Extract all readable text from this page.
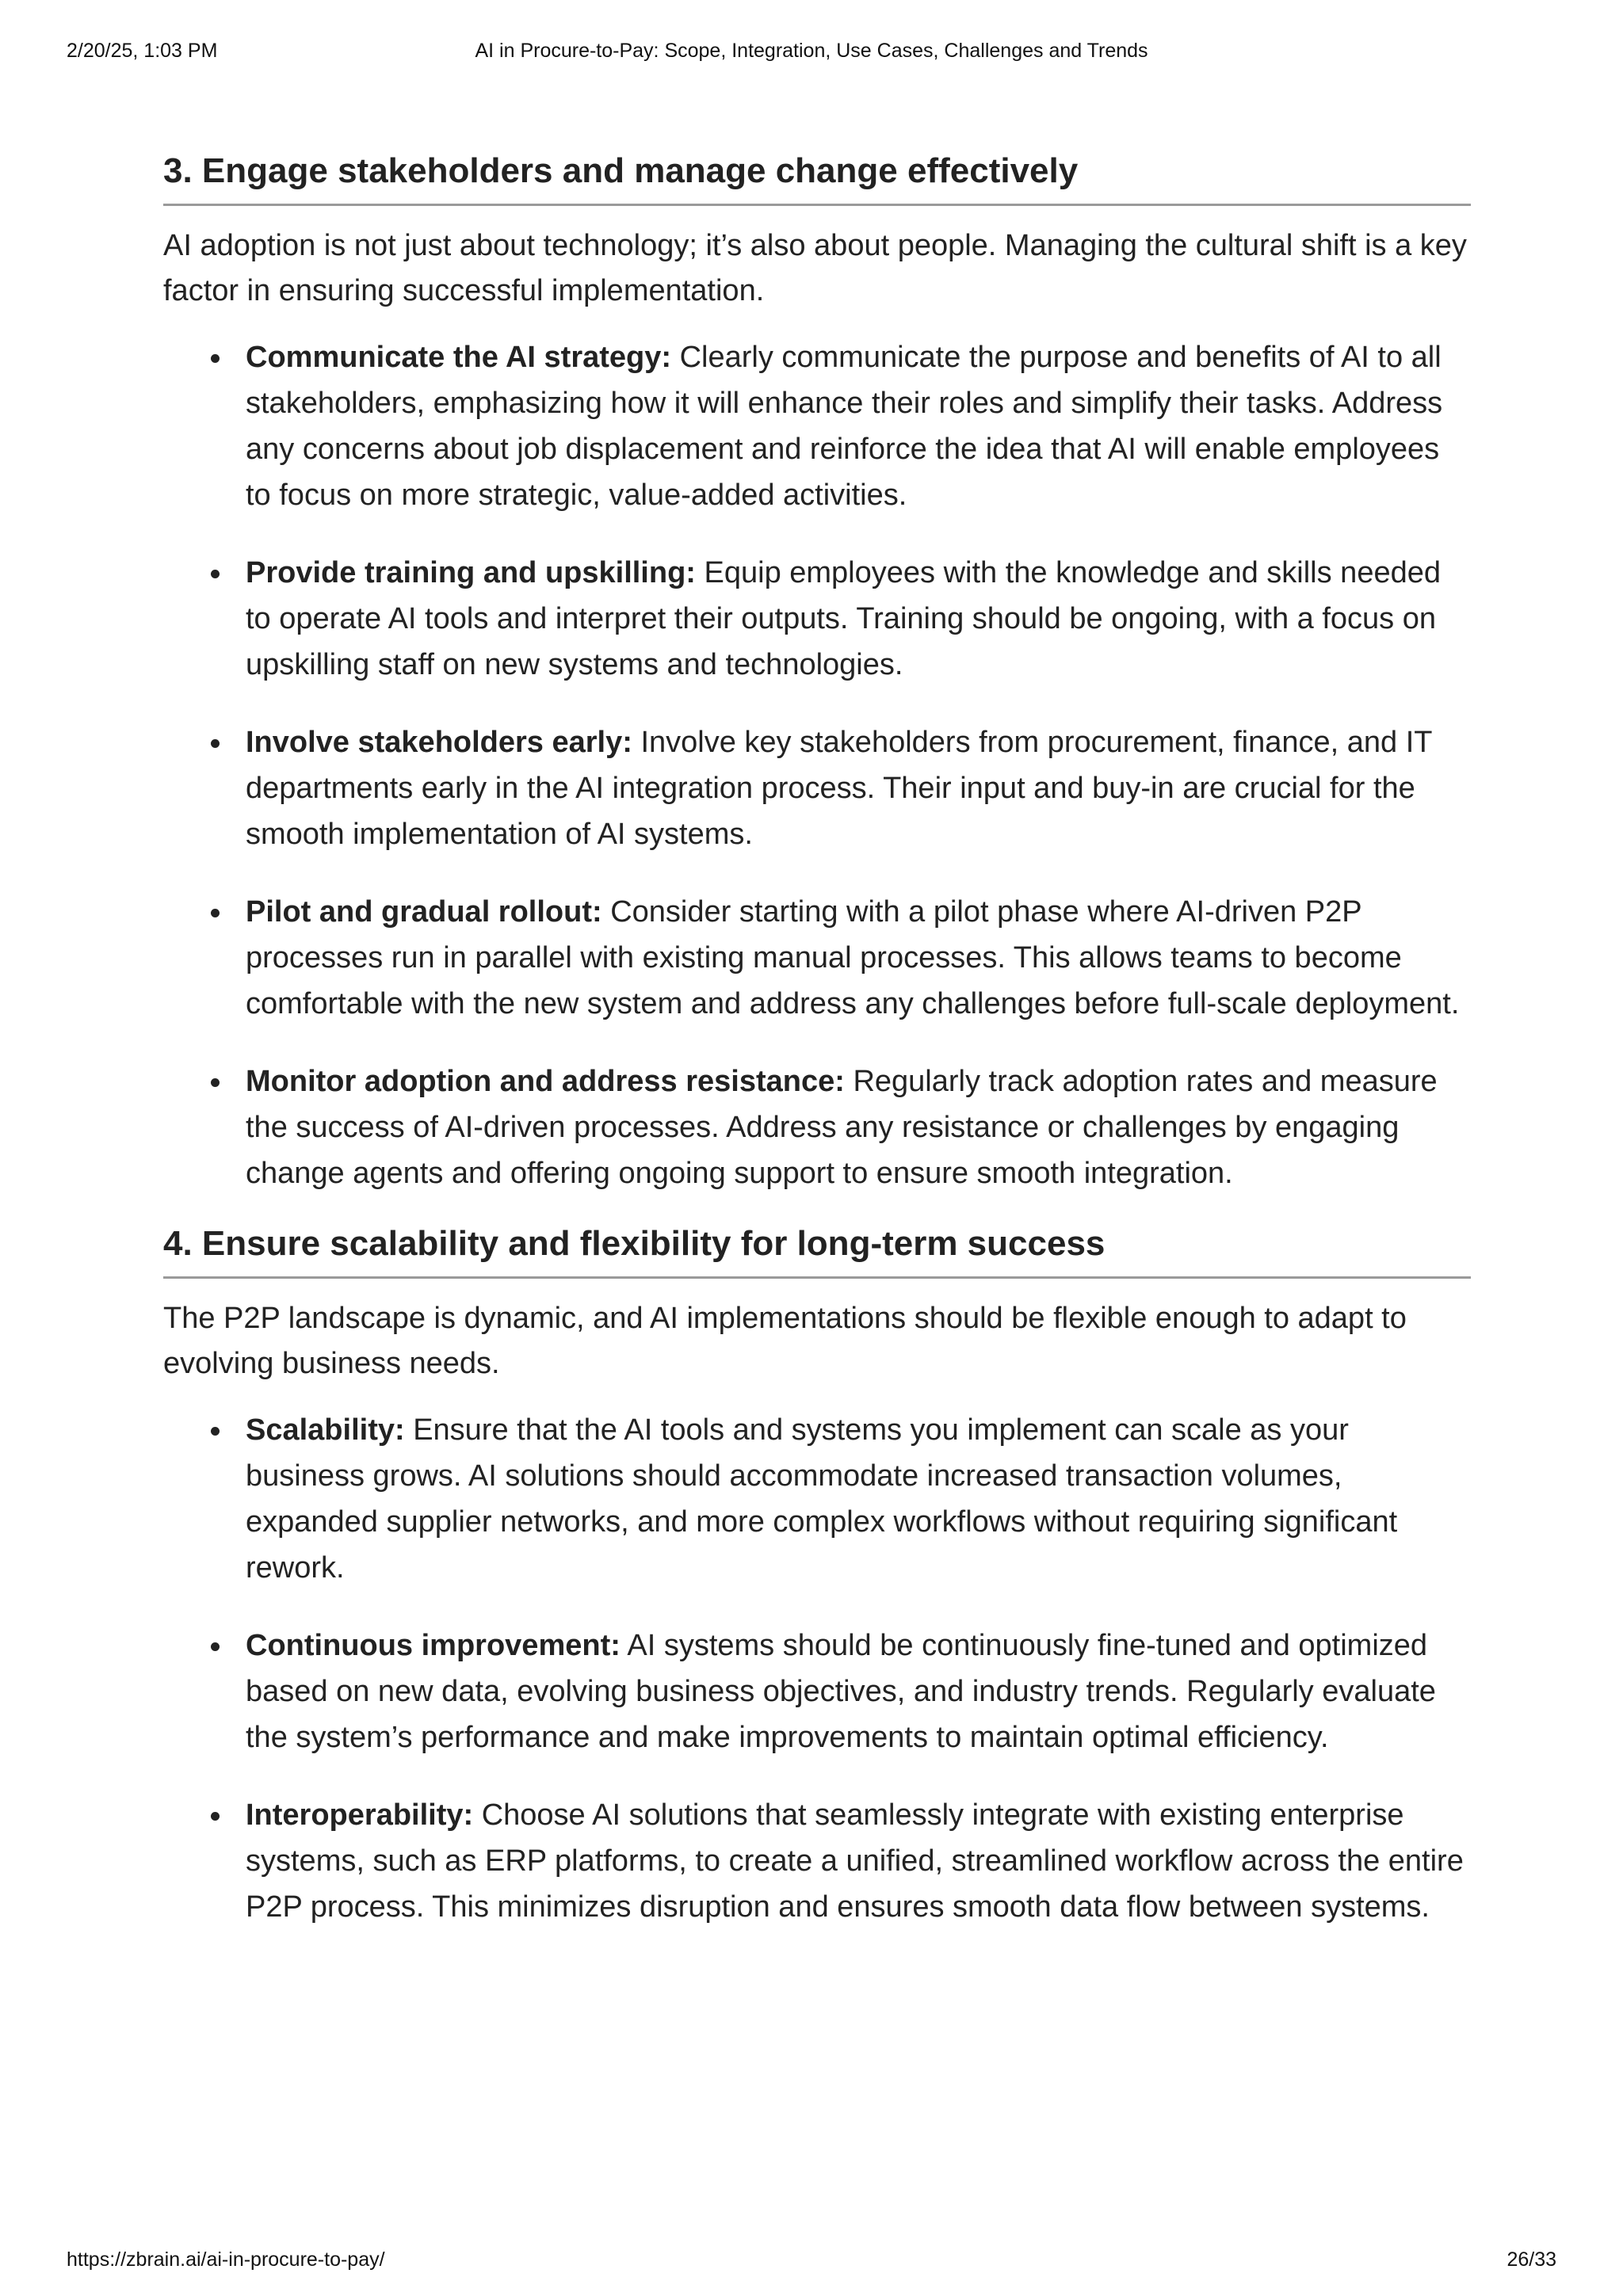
2/20/25, 1:03 PM	AI in Procure-to-Pay: Scope, Integration, Use Cases, Challenges and Trends
3. Engage stakeholders and manage change effectively

AI adoption is not just about technology; it’s also about people. Managing the cultural shift is a key factor in ensuring successful implementation.

Communicate the AI strategy: Clearly communicate the purpose and benefits of AI to all stakeholders, emphasizing how it will enhance their roles and simplify their tasks. Address any concerns about job displacement and reinforce the idea that AI will enable employees to focus on more strategic, value-added activities.
Provide training and upskilling: Equip employees with the knowledge and skills needed to operate AI tools and interpret their outputs. Training should be ongoing, with a focus on upskilling staff on new systems and technologies.
Involve stakeholders early: Involve key stakeholders from procurement, finance, and IT departments early in the AI integration process. Their input and buy-in are crucial for the smooth implementation of AI systems.
Pilot and gradual rollout: Consider starting with a pilot phase where AI-driven P2P processes run in parallel with existing manual processes. This allows teams to become comfortable with the new system and address any challenges before full-scale deployment.
Monitor adoption and address resistance: Regularly track adoption rates and measure the success of AI-driven processes. Address any resistance or challenges by engaging change agents and offering ongoing support to ensure smooth integration.
4. Ensure scalability and flexibility for long-term success

The P2P landscape is dynamic, and AI implementations should be flexible enough to adapt to evolving business needs.

Scalability: Ensure that the AI tools and systems you implement can scale as your business grows. AI solutions should accommodate increased transaction volumes, expanded supplier networks, and more complex workflows without requiring significant rework.
Continuous improvement: AI systems should be continuously fine-tuned and optimized based on new data, evolving business objectives, and industry trends. Regularly evaluate the system’s performance and make improvements to maintain optimal efficiency.
Interoperability: Choose AI solutions that seamlessly integrate with existing enterprise systems, such as ERP platforms, to create a unified, streamlined workflow across the entire P2P process. This minimizes disruption and ensures smooth data flow between systems.
https://zbrain.ai/ai-in-procure-to-pay/	26/33
